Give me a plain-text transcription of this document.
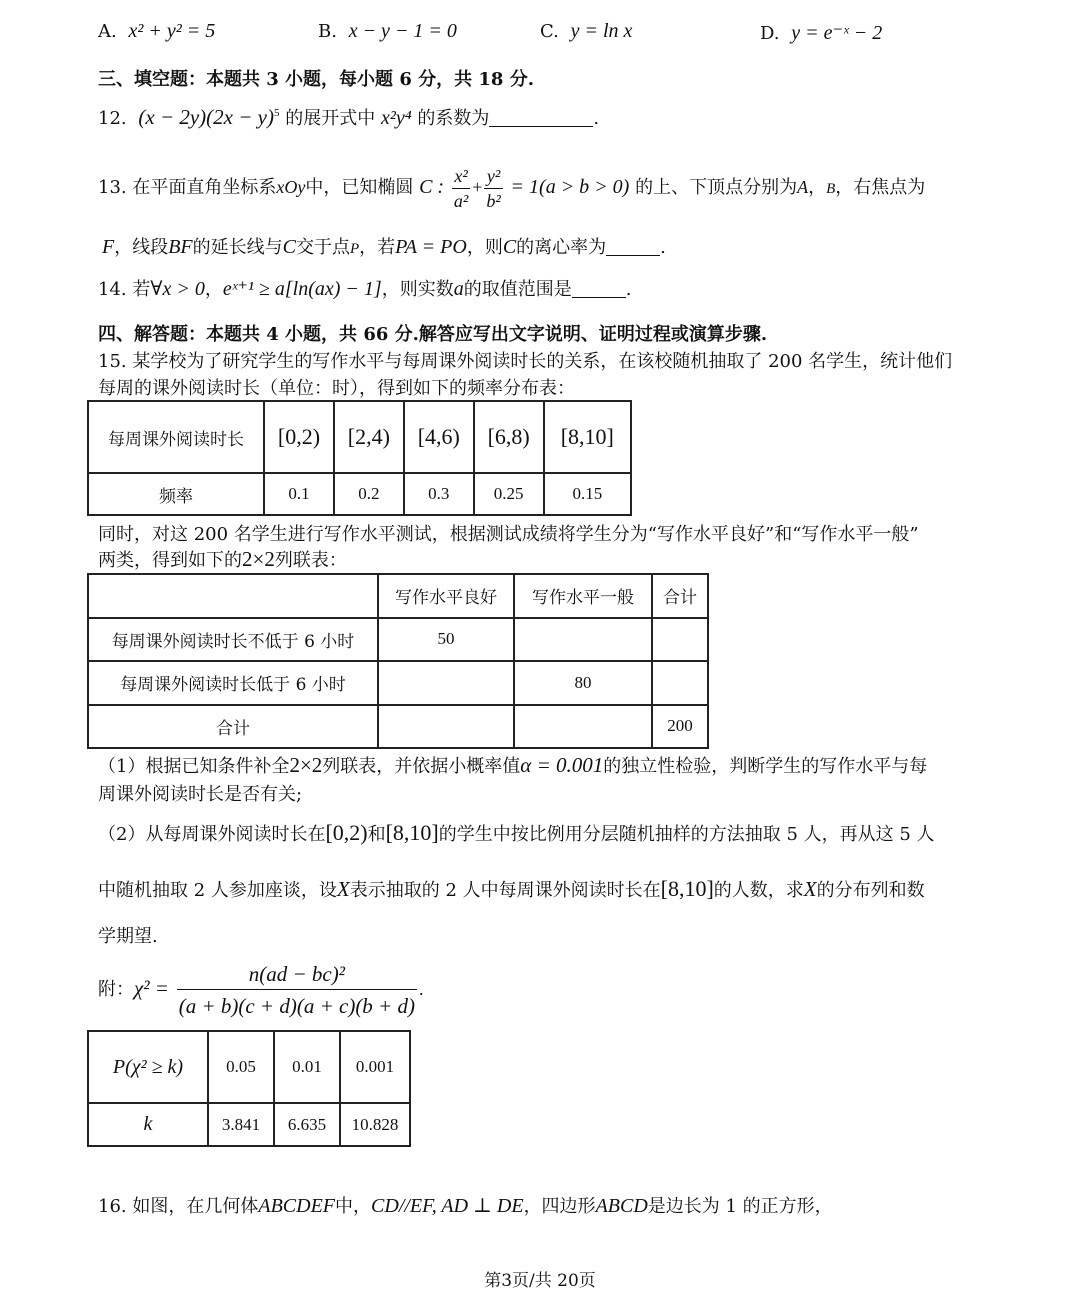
A. x² + y² = 5	B. x − y − 1 = 0	C. y = ln x	D. y = e⁻ˣ − 2
三、填空题：本题共 3 小题，每小题 6 分，共 18 分.
12. $(x - 2y)(2x - y)^5$ 的展开式中 x²y⁴ 的系数为	.
13. 在平面直角坐标系xOy中，已知椭圆 C : $\frac{\text{x²}}{\text{a²}} + \frac{\text{y²}}{\text{b²}} = 1(a > b > 0)$ 的上、下顶点分别为A，B，右焦点为
F，线段BF的延长线与C交于点P，若PA = PO，则C的离心率为	.
14. 若∀x > 0，eˣ⁺¹ ≥ a[ln(ax) − 1]，则实数a的取值范围是	.
四、解答题：本题共 4 小题，共 66 分.解答应写出文字说明、证明过程或演算步骤.
15. 某学校为了研究学生的写作水平与每周课外阅读时长的关系，在该校随机抽取了 200 名学生，统计他们
每周的课外阅读时长（单位：时），得到如下的频率分布表：
每周课外阅读时长	[0,2)	[2,4)	[4,6)	[6,8)	[8,10]
频率	0.1	0.2	0.3	0.25	0.15
同时，对这 200 名学生进行写作水平测试，根据测试成绩将学生分为“写作水平良好”和“写作水平一般”
两类，得到如下的2×2列联表：
	写作水平良好	写作水平一般	合计
每周课外阅读时长不低于 6 小时	50		
每周课外阅读时长低于 6 小时		80	
合计			200
（1）根据已知条件补全2×2列联表，并依据小概率值α = 0.001的独立性检验，判断学生的写作水平与每
周课外阅读时长是否有关;
（2）从每周课外阅读时长在[0,2)和[8,10]的学生中按比例用分层随机抽样的方法抽取 5 人，再从这 5 人
中随机抽取 2 人参加座谈，设X表示抽取的 2 人中每周课外阅读时长在[8,10]的人数，求X的分布列和数
学期望.
附：$\chi^2 = \frac{\text{n(ad − bc)²}}{(a + b)(c + d)(a + c)(b + d)}$ .
P(χ² ≥ k)	0.05	0.01	0.001
k	3.841	6.635	10.828
16. 如图，在几何体ABCDEF中，CD//EF, AD ⊥ DE，四边形ABCD是边长为 1 的正方形，
第3页/共 20页
